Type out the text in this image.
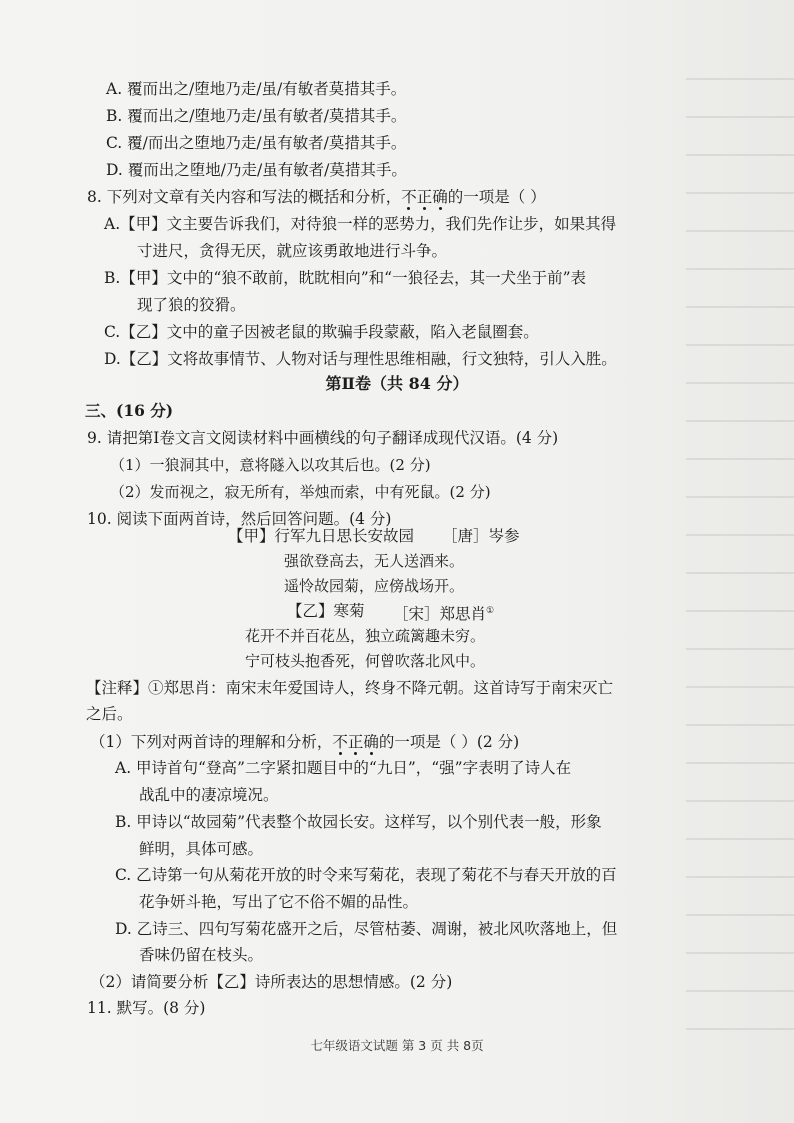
A. 覆而出之/堕地乃走/虽/有敏者莫措其手。
B. 覆而出之/堕地乃走/虽有敏者/莫措其手。
C. 覆/而出之堕地乃走/虽有敏者/莫措其手。
D. 覆而出之堕地/乃走/虽有敏者/莫措其手。
8. 下列对文章有关内容和写法的概括和分析，不正确的一项是（ ）
A.【甲】文主要告诉我们，对待狼一样的恶势力，我们先作让步，如果其得
寸进尺，贪得无厌，就应该勇敢地进行斗争。
B.【甲】文中的“狼不敢前，眈眈相向”和“一狼径去，其一犬坐于前”表
现了狼的狡猾。
C.【乙】文中的童子因被老鼠的欺骗手段蒙蔽，陷入老鼠圈套。
D.【乙】文将故事情节、人物对话与理性思维相融，行文独特，引人入胜。
第Ⅱ卷（共 84 分）
三、(16 分)
9. 请把第Ⅰ卷文言文阅读材料中画横线的句子翻译成现代汉语。(4 分)
（1）一狼洞其中，意将隧入以攻其后也。(2 分)
（2）发而视之，寂无所有，举烛而索，中有死鼠。(2 分)
10. 阅读下面两首诗，然后回答问题。(4 分)
【甲】行军九日思长安故园 ［唐］岑参
强欲登高去，无人送酒来。
遥怜故园菊，应傍战场开。
【乙】寒菊 ［宋］郑思肖①
花开不并百花丛，独立疏篱趣未穷。
宁可枝头抱香死，何曾吹落北风中。
【注释】①郑思肖：南宋末年爱国诗人，终身不降元朝。这首诗写于南宋灭亡
之后。
（1）下列对两首诗的理解和分析，不正确的一项是（ ）(2 分)
A. 甲诗首句“登高”二字紧扣题目中的“九日”，“强”字表明了诗人在
战乱中的凄凉境况。
B. 甲诗以“故园菊”代表整个故园长安。这样写，以个别代表一般，形象
鲜明，具体可感。
C. 乙诗第一句从菊花开放的时令来写菊花，表现了菊花不与春天开放的百
花争妍斗艳，写出了它不俗不媚的品性。
D. 乙诗三、四句写菊花盛开之后，尽管枯萎、凋谢，被北风吹落地上，但
香味仍留在枝头。
（2）请简要分析【乙】诗所表达的思想情感。(2 分)
11. 默写。(8 分)
七年级语文试题 第 3 页 共 8页
